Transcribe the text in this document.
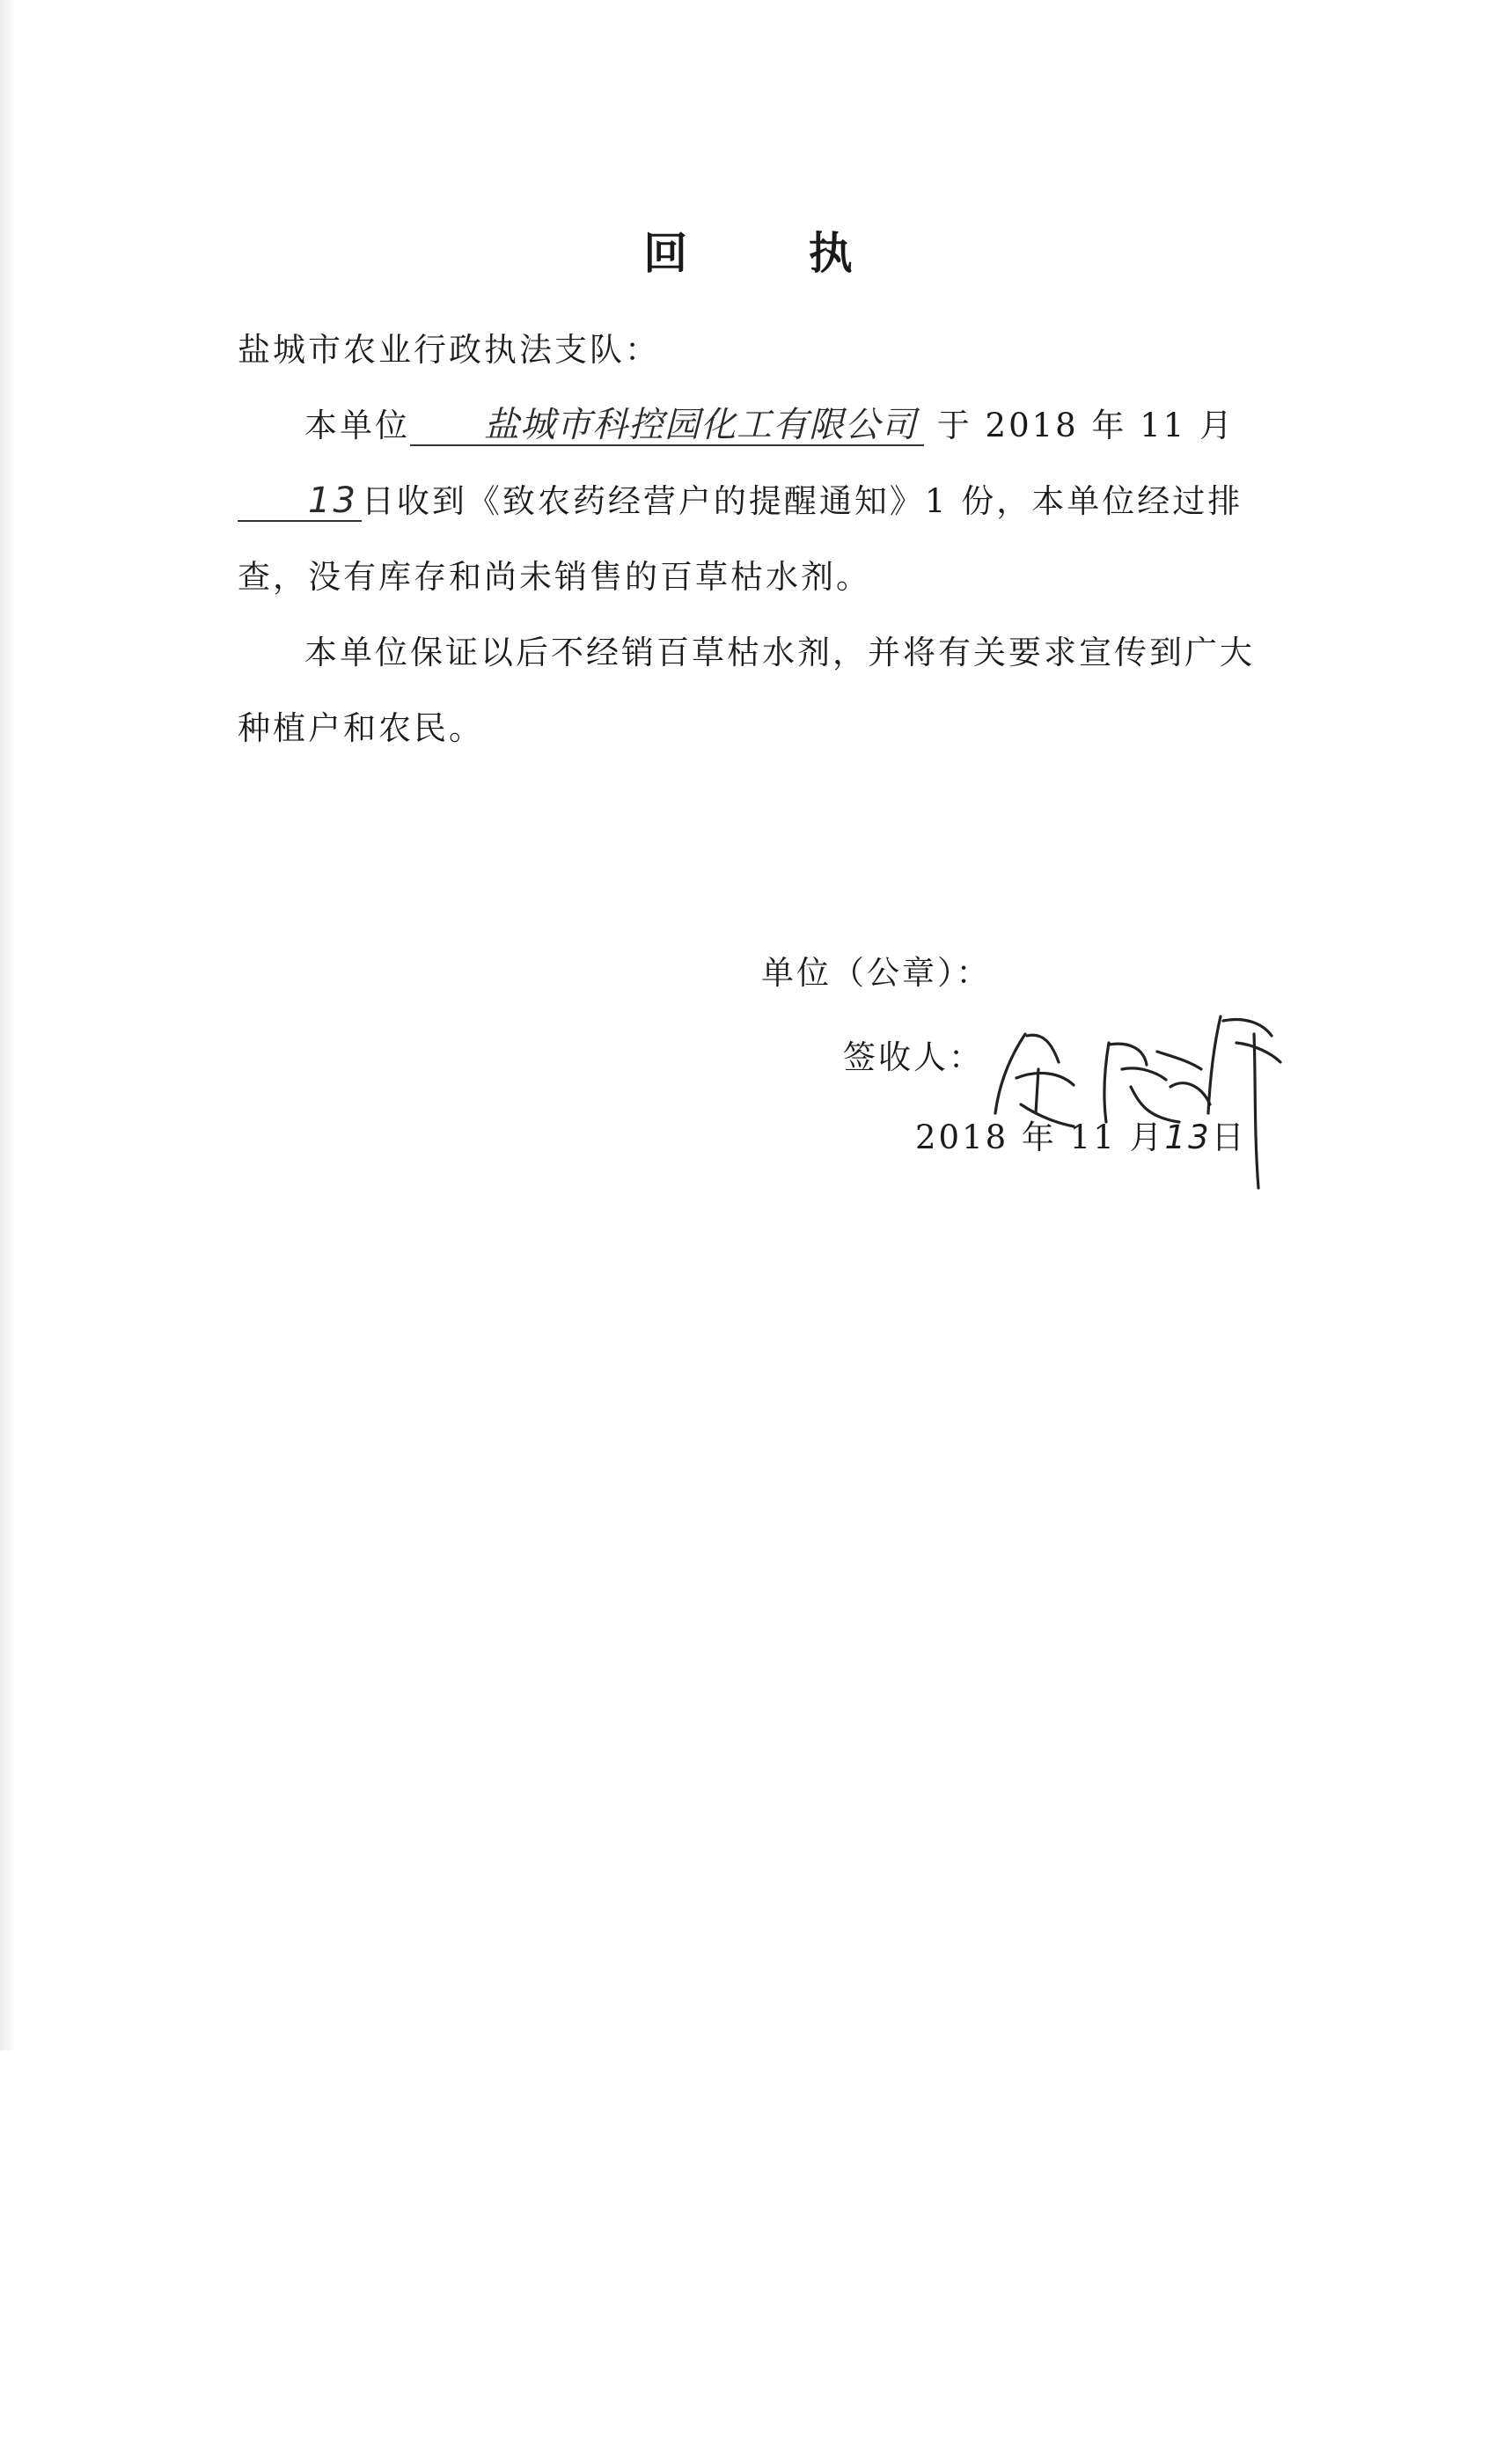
回 执

盐城市农业行政执法支队：

本单位 盐城市科控园化工有限公司 于 2018 年 11 月13 日收到《致农药经营户的提醒通知》1 份，本单位经过排查，没有库存和尚未销售的百草枯水剂。

本单位保证以后不经销百草枯水剂，并将有关要求宣传到广大种植户和农民。

单位（公章）：
签收人：
2018 年 11 月13日
